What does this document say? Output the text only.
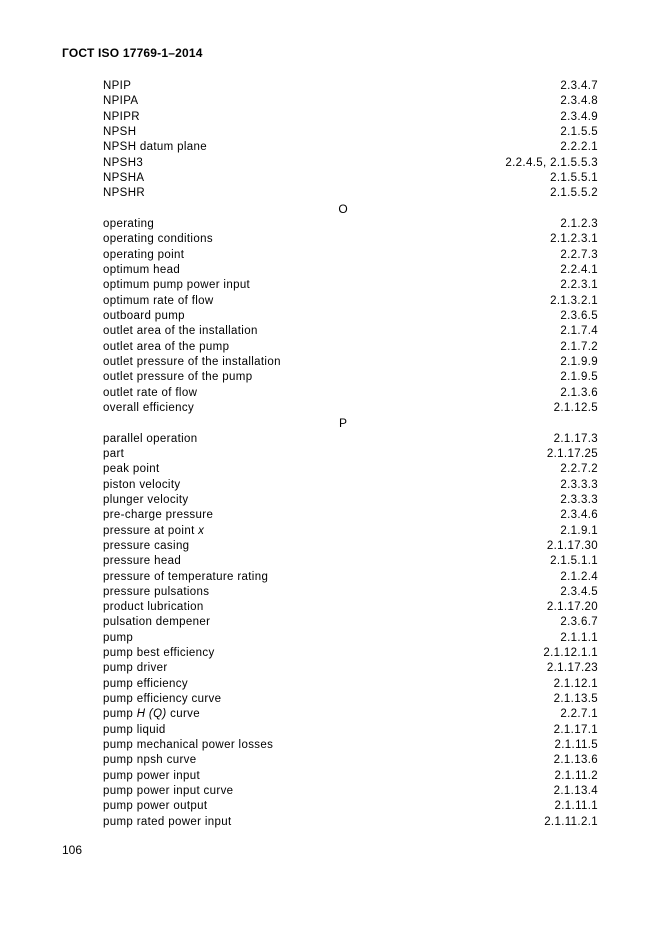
ГОСТ ISO 17769-1–2014
NPIP	2.3.4.7
NPIPA	2.3.4.8
NPIPR	2.3.4.9
NPSH	2.1.5.5
NPSH datum plane	2.2.2.1
NPSH3	2.2.4.5, 2.1.5.5.3
NPSHA	2.1.5.5.1
NPSHR	2.1.5.5.2
O
operating	2.1.2.3
operating conditions	2.1.2.3.1
operating point	2.2.7.3
optimum head	2.2.4.1
optimum pump power input	2.2.3.1
optimum rate of flow	2.1.3.2.1
outboard pump	2.3.6.5
outlet area of the installation	2.1.7.4
outlet area of the pump	2.1.7.2
outlet pressure of the installation	2.1.9.9
outlet pressure of the pump	2.1.9.5
outlet rate of flow	2.1.3.6
overall efficiency	2.1.12.5
P
parallel operation	2.1.17.3
part	2.1.17.25
peak point	2.2.7.2
piston velocity	2.3.3.3
plunger velocity	2.3.3.3
pre-charge pressure	2.3.4.6
pressure at point x	2.1.9.1
pressure casing	2.1.17.30
pressure head	2.1.5.1.1
pressure of temperature rating	2.1.2.4
pressure pulsations	2.3.4.5
product lubrication	2.1.17.20
pulsation dempener	2.3.6.7
pump	2.1.1.1
pump best efficiency	2.1.12.1.1
pump driver	2.1.17.23
pump efficiency	2.1.12.1
pump efficiency curve	2.1.13.5
pump H (Q) curve	2.2.7.1
pump liquid	2.1.17.1
pump mechanical power losses	2.1.11.5
pump npsh curve	2.1.13.6
pump power input	2.1.11.2
pump power input curve	2.1.13.4
pump power output	2.1.11.1
pump rated power input	2.1.11.2.1
106
